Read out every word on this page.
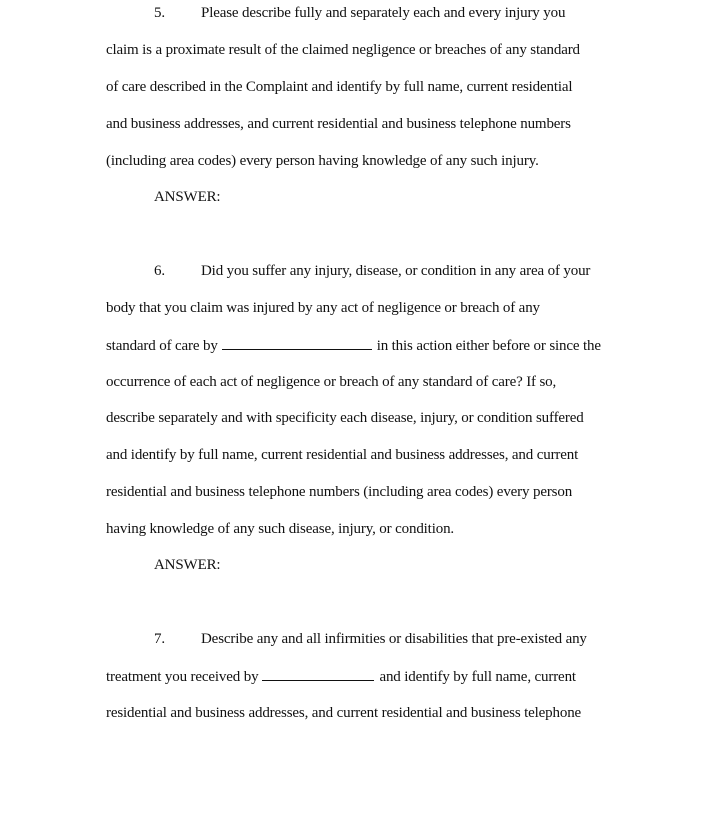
5. Please describe fully and separately each and every injury you
claim is a proximate result of the claimed negligence or breaches of any standard
of care described in the Complaint and identify by full name, current residential
and business addresses, and current residential and business telephone numbers
(including area codes) every person having knowledge of any such injury.
ANSWER:
6. Did you suffer any injury, disease, or condition in any area of your
body that you claim was injured by any act of negligence or breach of any
standard of care by	in this action either before or since the
occurrence of each act of negligence or breach of any standard of care? If so,
describe separately and with specificity each disease, injury, or condition suffered
and identify by full name, current residential and business addresses, and current
residential and business telephone numbers (including area codes) every person
having knowledge of any such disease, injury, or condition.
ANSWER:
7. Describe any and all infirmities or disabilities that pre-existed any
treatment you received by	and identify by full name, current
residential and business addresses, and current residential and business telephone
